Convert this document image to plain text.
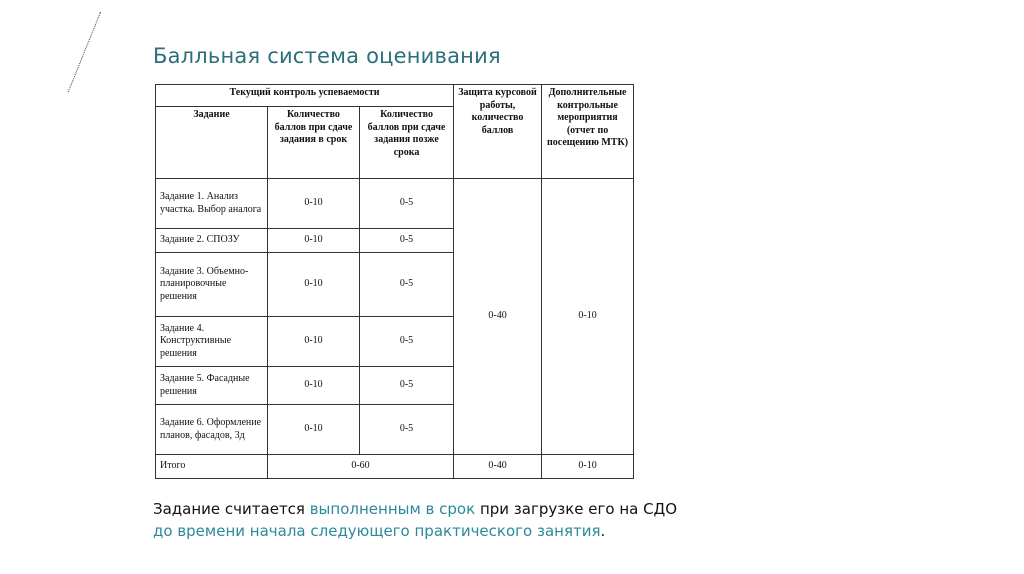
Балльная система оценивания
Текущий контроль успеваемости			Защита курсовой работы, количество баллов	Дополнительные контрольные мероприятия (отчет по посещению МТК)
Задание	Количество баллов при сдаче задания в срок	Количество баллов при сдаче задания позже срока		
Задание 1. Анализ участка. Выбор аналога	0-10	0-5	0-40	0-10
Задание 2. СПОЗУ	0-10	0-5		
Задание 3. Объемно-планировочные решения	0-10	0-5		
Задание 4. Конструктивные решения	0-10	0-5		
Задание 5. Фасадные решения	0-10	0-5		
Задание 6. Оформление планов, фасадов, 3д	0-10	0-5		
Итого	0-60		0-40	0-10
Задание считается выполненным в срок при загрузке его на СДО
до времени начала следующего практического занятия.
